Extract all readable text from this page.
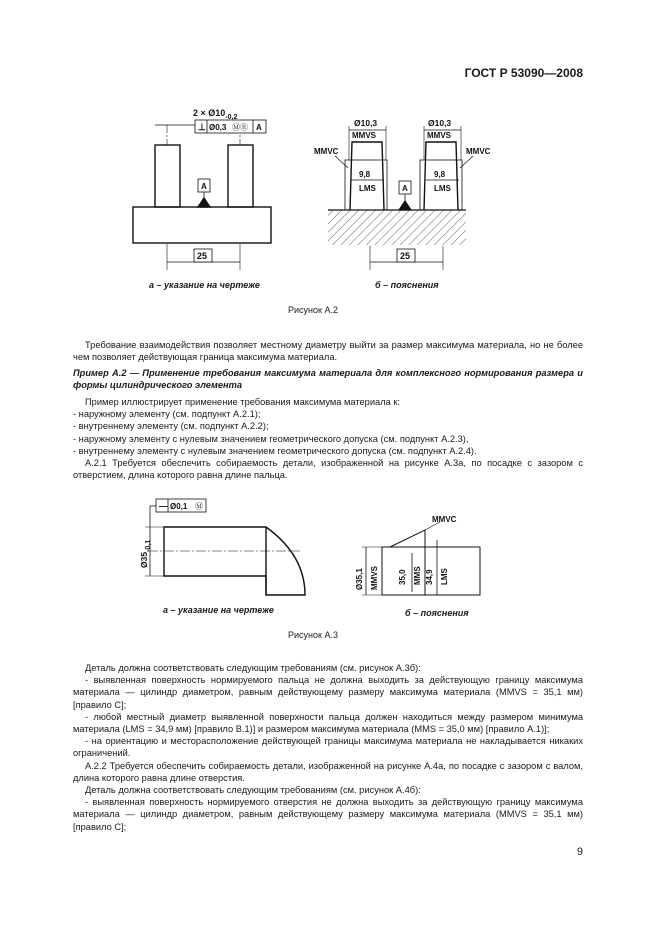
ГОСТ Р 53090—2008
$2 \times Ø10_{-0,2}$
⊥ Ø0,3 ⓂⓇ A
A
25
Ø10,3	Ø10,3
MMVS	MMVS
MMVC	MMVC
9,8	9,8
LMS	LMS
A
25
а – указание на чертеже	б – пояснения
Рисунок А.2

Требование взаимодействия позволяет местному диаметру выйти за размер максимума материала, но не более чем позволяет действующая граница максимума материала.

Пример А.2 — Применение требования максимума материала для комплексного нормирования размера и формы цилиндрического элемента

Пример иллюстрирует применение требования максимума материала к:

- наружному элементу (см. подпункт А.2.1);

- внутреннему элементу (см. подпункт А.2.2);

- наружному элементу с нулевым значением геометрического допуска (см. подпункт А.2.3),

- внутреннему элементу с нулевым значением геометрического допуска (см. подпункт А.2.4).

А.2.1 Требуется обеспечить собираемость детали, изображенной на рисунке А.3а, по посадке с зазором с отверстием, длина которого равна длине пальца.

— Ø0,1 Ⓜ
$Ø35_{-0,1}$
MMVC
Ø35,1 MMVS 35,0 MMS 34,9 LMS
а – указание на чертеже	б – пояснения
Рисунок А.3

Деталь должна соответствовать следующим требованиям (см. рисунок А.3б):

- выявленная поверхность нормируемого пальца не должна выходить за действующую границу максимума материала — цилиндр диаметром, равным действующему размеру максимума материала (MMVS = 35,1 мм) [правило С];

- любой местный диаметр выявленной поверхности пальца должен находиться между размером минимума материала (LMS = 34,9 мм) [правило В.1)] и размером максимума материала (MMS = 35,0 мм) [правило А.1)];

- на ориентацию и месторасположение действующей границы максимума материала не накладывается никаких ограничений.

А.2.2 Требуется обеспечить собираемость детали, изображенной на рисунке А.4а, по посадке с зазором с валом, длина которого равна длине отверстия.

Деталь должна соответствовать следующим требованиям (см. рисунок А.4б):

- выявленная поверхность нормируемого отверстия не должна выходить за действующую границу максимума материала — цилиндр диаметром, равным действующему размеру максимума материала (MMVS = 35,1 мм) [правило С];

9
